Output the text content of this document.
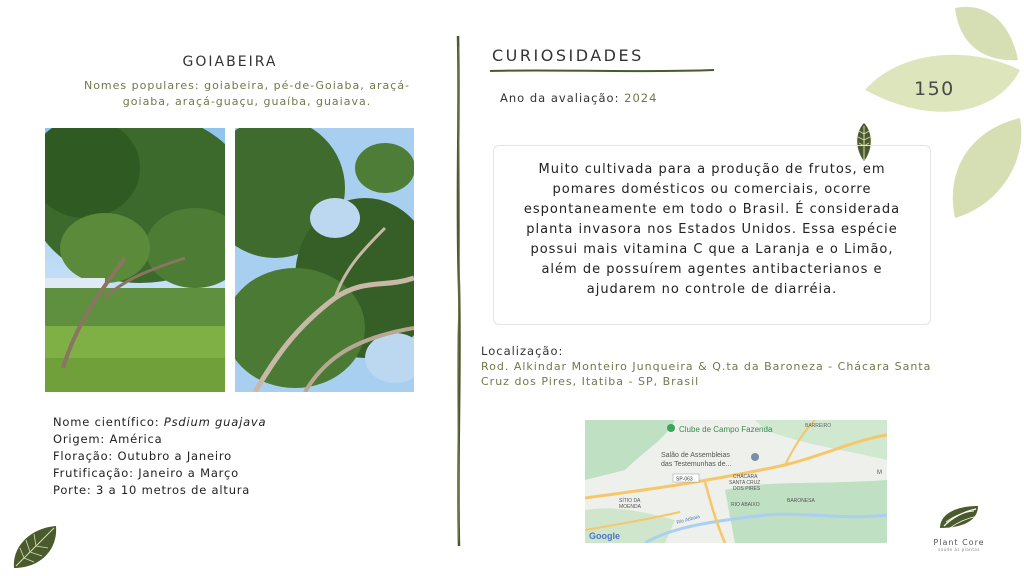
150
GOIABEIRA
Nomes populares: goiabeira, pé-de-Goiaba, araçá-goiaba, araçá-guaçu, guaíba, guaiava.
Nome científico: Psdium guajava
Origem: América
Floração: Outubro a Janeiro
Frutificação: Janeiro a Março
Porte: 3 a 10 metros de altura
CURIOSIDADES
Ano da avaliação: 2024
Muito cultivada para a produção de frutos, em pomares domésticos ou comerciais, ocorre espontaneamente em todo o Brasil. É considerada planta invasora nos Estados Unidos. Essa espécie possui mais vitamina C que a Laranja e o Limão, além de possuírem agentes antibacterianos e ajudarem no controle de diarréia.
Localização:
Rod. Alkindar Monteiro Junqueira & Q.ta da Baroneza - Chácara Santa Cruz dos Pires, Itatiba - SP, Brasil
Clube de Campo Fazenda	BARREIRO
Salão de Assembleias
das Testemunhas de...
SP-063	CHÁCARA
SANTA CRUZ
DOS PIRES
SÍTIO DA
MOENDA
Rio Atibaia
RIO ABAIXO
BARONESA
M
Google
Plant Core
saúde às plantas
